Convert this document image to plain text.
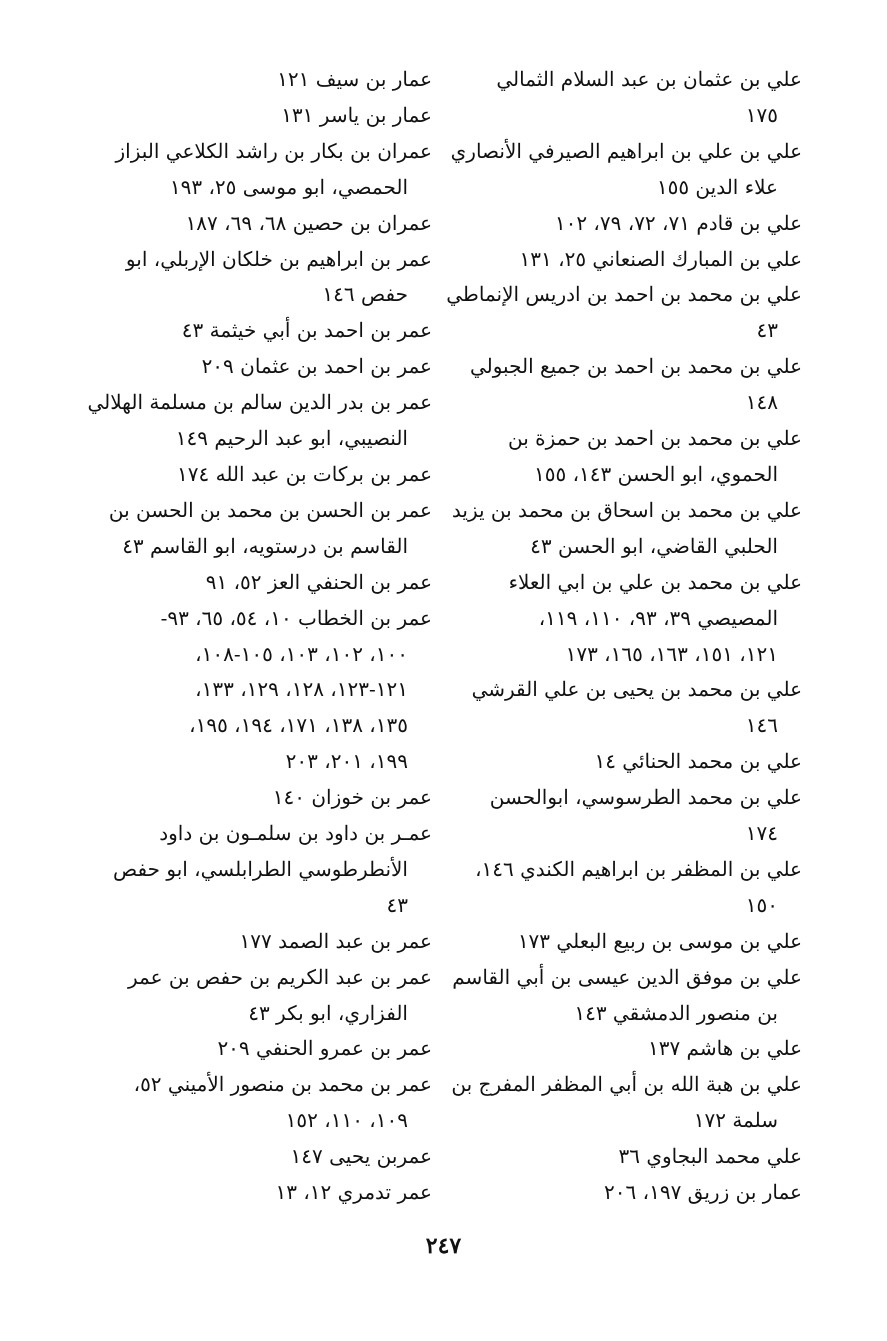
علي بن عثمان بن عبد السلام الثمالي
١٧٥
علي بن علي بن ابراهيم الصيرفي الأنصاري
علاء الدين ١٥٥
علي بن قادم ٧١، ٧٢، ٧٩، ١٠٢
علي بن المبارك الصنعاني ٢٥، ١٣١
علي بن محمد بن احمد بن ادريس الإنماطي
٤٣
علي بن محمد بن احمد بن جميع الجبولي
١٤٨
علي بن محمد بن احمد بن حمزة بن
الحموي، ابو الحسن ١٤٣، ١٥٥
علي بن محمد بن اسحاق بن محمد بن يزيد
الحلبي القاضي، ابو الحسن ٤٣
علي بن محمد بن علي بن ابي العلاء
المصيصي ٣٩، ٩٣، ١١٠، ١١٩،
١٢١، ١٥١، ١٦٣، ١٦٥، ١٧٣
علي بن محمد بن يحيى بن علي القرشي
١٤٦
علي بن محمد الحنائي ١٤
علي بن محمد الطرسوسي، ابوالحسن
١٧٤
علي بن المظفر بن ابراهيم الكندي ١٤٦،
١٥٠
علي بن موسى بن ربيع البعلي ١٧٣
علي بن موفق الدين عيسى بن أبي القاسم
بن منصور الدمشقي ١٤٣
علي بن هاشم ١٣٧
علي بن هبة الله بن أبي المظفر المفرج بن
سلمة ١٧٢
علي محمد البجاوي ٣٦
عمار بن زريق ١٩٧، ٢٠٦
عمار بن سيف ١٢١
عمار بن ياسر ١٣١
عمران بن بكار بن راشد الكلاعي البزاز
الحمصي، ابو موسى ٢٥، ١٩٣
عمران بن حصين ٦٨، ٦٩، ١٨٧
عمر بن ابراهيم بن خلكان الإربلي، ابو
حفص ١٤٦
عمر بن احمد بن أبي خيثمة ٤٣
عمر بن احمد بن عثمان ٢٠٩
عمر بن بدر الدين سالم بن مسلمة الهلالي
النصيبي، ابو عبد الرحيم ١٤٩
عمر بن بركات بن عبد الله ١٧٤
عمر بن الحسن بن محمد بن الحسن بن
القاسم بن درستويه، ابو القاسم ٤٣
عمر بن الحنفي العز ٥٢، ٩١
عمر بن الخطاب ١٠، ٥٤، ٦٥، ٩٣-
١٠٠، ١٠٢، ١٠٣، ١٠٥-١٠٨،
١٢١-١٢٣، ١٢٨، ١٢٩، ١٣٣،
١٣٥، ١٣٨، ١٧١، ١٩٤، ١٩٥،
١٩٩، ٢٠١، ٢٠٣
عمر بن خوزان ١٤٠
عمـر بن داود بن سلمـون بن داود
الأنطرطوسي الطرابلسي، ابو حفص
٤٣
عمر بن عبد الصمد ١٧٧
عمر بن عبد الكريم بن حفص بن عمر
الفزاري، ابو بكر ٤٣
عمر بن عمرو الحنفي ٢٠٩
عمر بن محمد بن منصور الأميني ٥٢،
١٠٩، ١١٠، ١٥٢
عمربن يحيى ١٤٧
عمر تدمري ١٢، ١٣
٢٤٧
